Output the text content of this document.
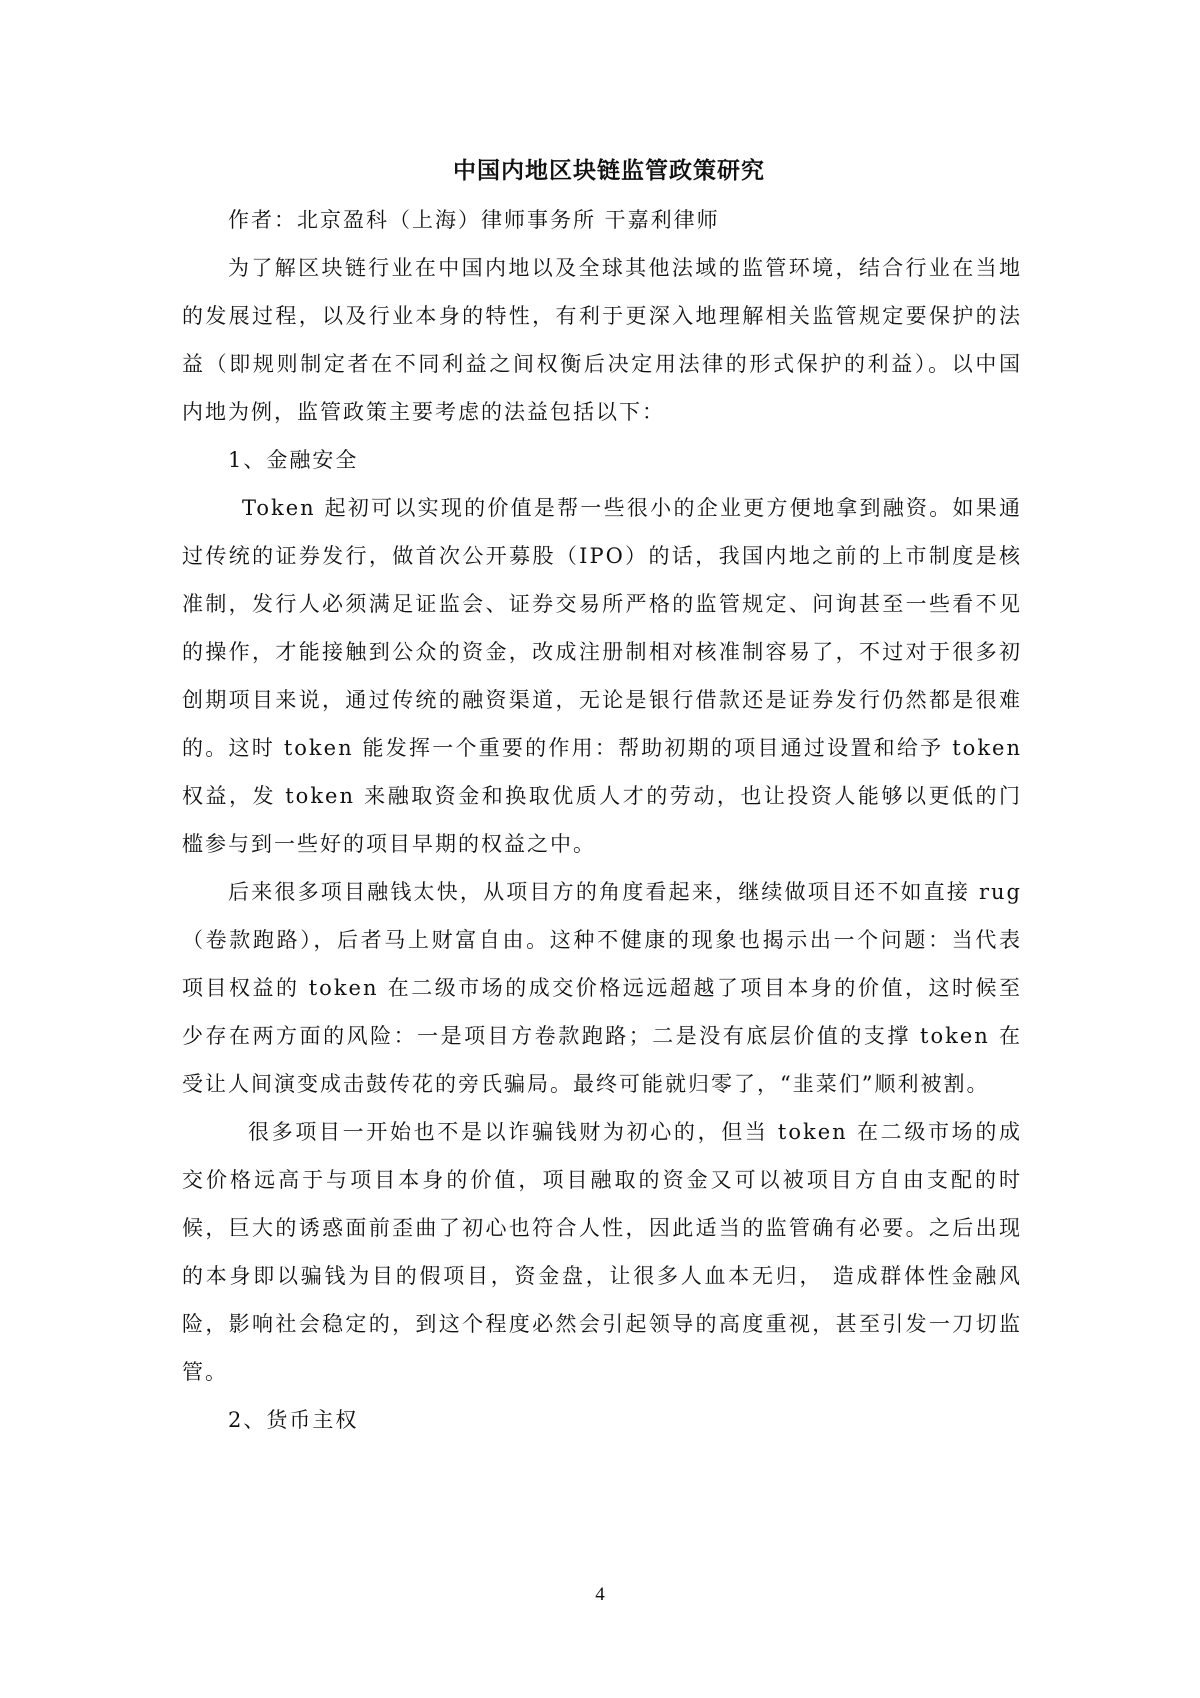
中国内地区块链监管政策研究

作者：北京盈科（上海）律师事务所 干嘉利律师

为了解区块链行业在中国内地以及全球其他法域的监管环境，结合行业在当地的发展过程，以及行业本身的特性，有利于更深入地理解相关监管规定要保护的法益（即规则制定者在不同利益之间权衡后决定用法律的形式保护的利益）。以中国内地为例，监管政策主要考虑的法益包括以下：

1、金融安全

Token 起初可以实现的价值是帮一些很小的企业更方便地拿到融资。如果通过传统的证券发行，做首次公开募股（IPO）的话，我国内地之前的上市制度是核准制，发行人必须满足证监会、证券交易所严格的监管规定、问询甚至一些看不见的操作，才能接触到公众的资金，改成注册制相对核准制容易了，不过对于很多初创期项目来说，通过传统的融资渠道，无论是银行借款还是证券发行仍然都是很难的。这时 token 能发挥一个重要的作用：帮助初期的项目通过设置和给予 token 权益，发 token 来融取资金和换取优质人才的劳动，也让投资人能够以更低的门槛参与到一些好的项目早期的权益之中。

后来很多项目融钱太快，从项目方的角度看起来，继续做项目还不如直接 rug （卷款跑路），后者马上财富自由。这种不健康的现象也揭示出一个问题：当代表项目权益的 token 在二级市场的成交价格远远超越了项目本身的价值，这时候至少存在两方面的风险：一是项目方卷款跑路；二是没有底层价值的支撑 token 在受让人间演变成击鼓传花的旁氏骗局。最终可能就归零了，“韭菜们”顺利被割。

很多项目一开始也不是以诈骗钱财为初心的，但当 token 在二级市场的成交价格远高于与项目本身的价值，项目融取的资金又可以被项目方自由支配的时候，巨大的诱惑面前歪曲了初心也符合人性，因此适当的监管确有必要。之后出现的本身即以骗钱为目的假项目，资金盘，让很多人血本无归， 造成群体性金融风险，影响社会稳定的，到这个程度必然会引起领导的高度重视，甚至引发一刀切监管。

2、货币主权

4
